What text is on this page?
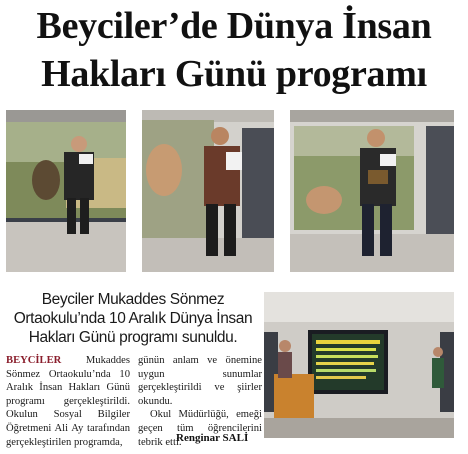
Beyciler’de Dünya İnsan
Hakları Günü programı
Beyciler Mukaddes Sönmez
Ortaokulu’nda 10 Aralık Dünya İnsan
Hakları Günü programı sunuldu.
BEYCİLER Mukaddes Sönmez Ortaokulu’nda 10 Aralık İnsan Hakları Günü programı gerçekleştirildi. Okulun Sosyal Bilgiler Öğretmeni Ali Ay tarafından gerçekleştirilen programda,
günün anlam ve önemine uygun sunumlar gerçekleştirildi ve şiirler okundu.
Okul Müdürlüğü, emeği geçen tüm öğrencilerini tebrik etti.
Renginar SALİ
